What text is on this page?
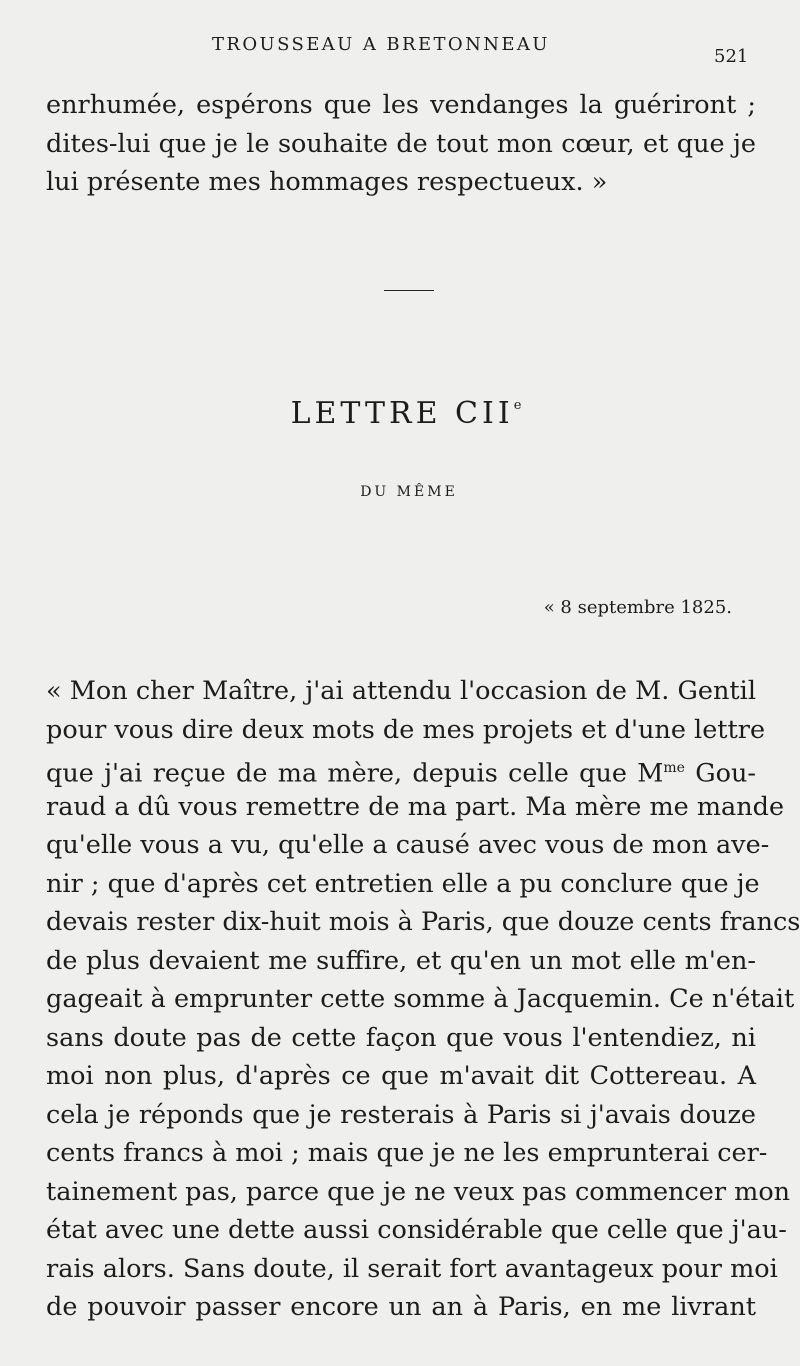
TROUSSEAU A BRETONNEAU
521
enrhumée, espérons que les vendanges la guériront ;
dites-lui que je le souhaite de tout mon cœur, et que je
lui présente mes hommages respectueux. »
LETTRE CIIe
DU MÊME
« 8 septembre 1825.
« Mon cher Maître, j'ai attendu l'occasion de M. Gentil
pour vous dire deux mots de mes projets et d'une lettre
que j'ai reçue de ma mère, depuis celle que $M^{me}$ Gou-
raud a dû vous remettre de ma part. Ma mère me mande
qu'elle vous a vu, qu'elle a causé avec vous de mon ave-
nir ; que d'après cet entretien elle a pu conclure que je
devais rester dix-huit mois à Paris, que douze cents francs
de plus devaient me suffire, et qu'en un mot elle m'en-
gageait à emprunter cette somme à Jacquemin. Ce n'était
sans doute pas de cette façon que vous l'entendiez, ni
moi non plus, d'après ce que m'avait dit Cottereau. A
cela je réponds que je resterais à Paris si j'avais douze
cents francs à moi ; mais que je ne les emprunterai cer-
tainement pas, parce que je ne veux pas commencer mon
état avec une dette aussi considérable que celle que j'au-
rais alors. Sans doute, il serait fort avantageux pour moi
de pouvoir passer encore un an à Paris, en me livrant
